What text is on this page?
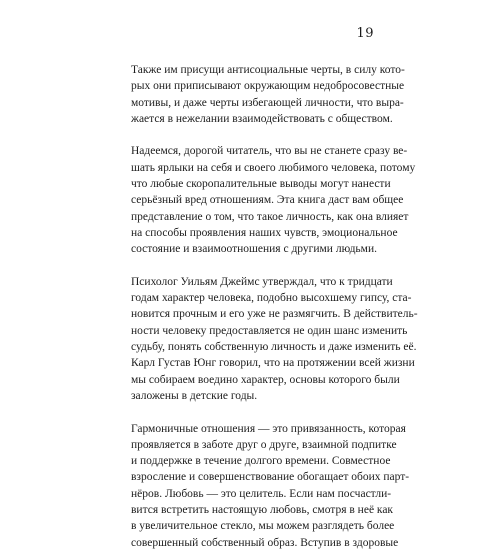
19
Также им присущи антисоциальные черты, в силу кото-
рых они приписывают окружающим недоброcовестные
мотивы, и даже черты избегающей личности, что выра-
жается в нежелании взаимодействовать с обществом.
Надеемся, дорогой читатель, что вы не станете сразу ве-
шать ярлыки на себя и своего любимого человека, потому
что любые скоропалительные выводы могут нанести
серьёзный вред отношениям. Эта книга даст вам общее
представление о том, что такое личность, как она влияет
на способы проявления наших чувств, эмоциональное
состояние и взаимоотношения с другими людьми.
Психолог Уильям Джеймс утверждал, что к тридцати
годам характер человека, подобно высохшему гипсу, ста-
новится прочным и его уже не размягчить. В действитель-
ности человеку предоставляется не один шанс изменить
судьбу, понять собственную личность и даже изменить её.
Карл Густав Юнг говорил, что на протяжении всей жизни
мы собираем воедино характер, основы которого были
заложены в детские годы.
Гармоничные отношения — это привязанность, которая
проявляется в заботе друг о друге, взаимной подпитке
и поддержке в течение долгого времени. Совместное
взросление и совершенствование обогащает обоих парт-
нёров. Любовь — это целитель. Если нам посчастли-
вится встретить настоящую любовь, смотря в неё как
в увеличительное стекло, мы можем разглядеть более
совершенный собственный образ. Вступив в здоровые
